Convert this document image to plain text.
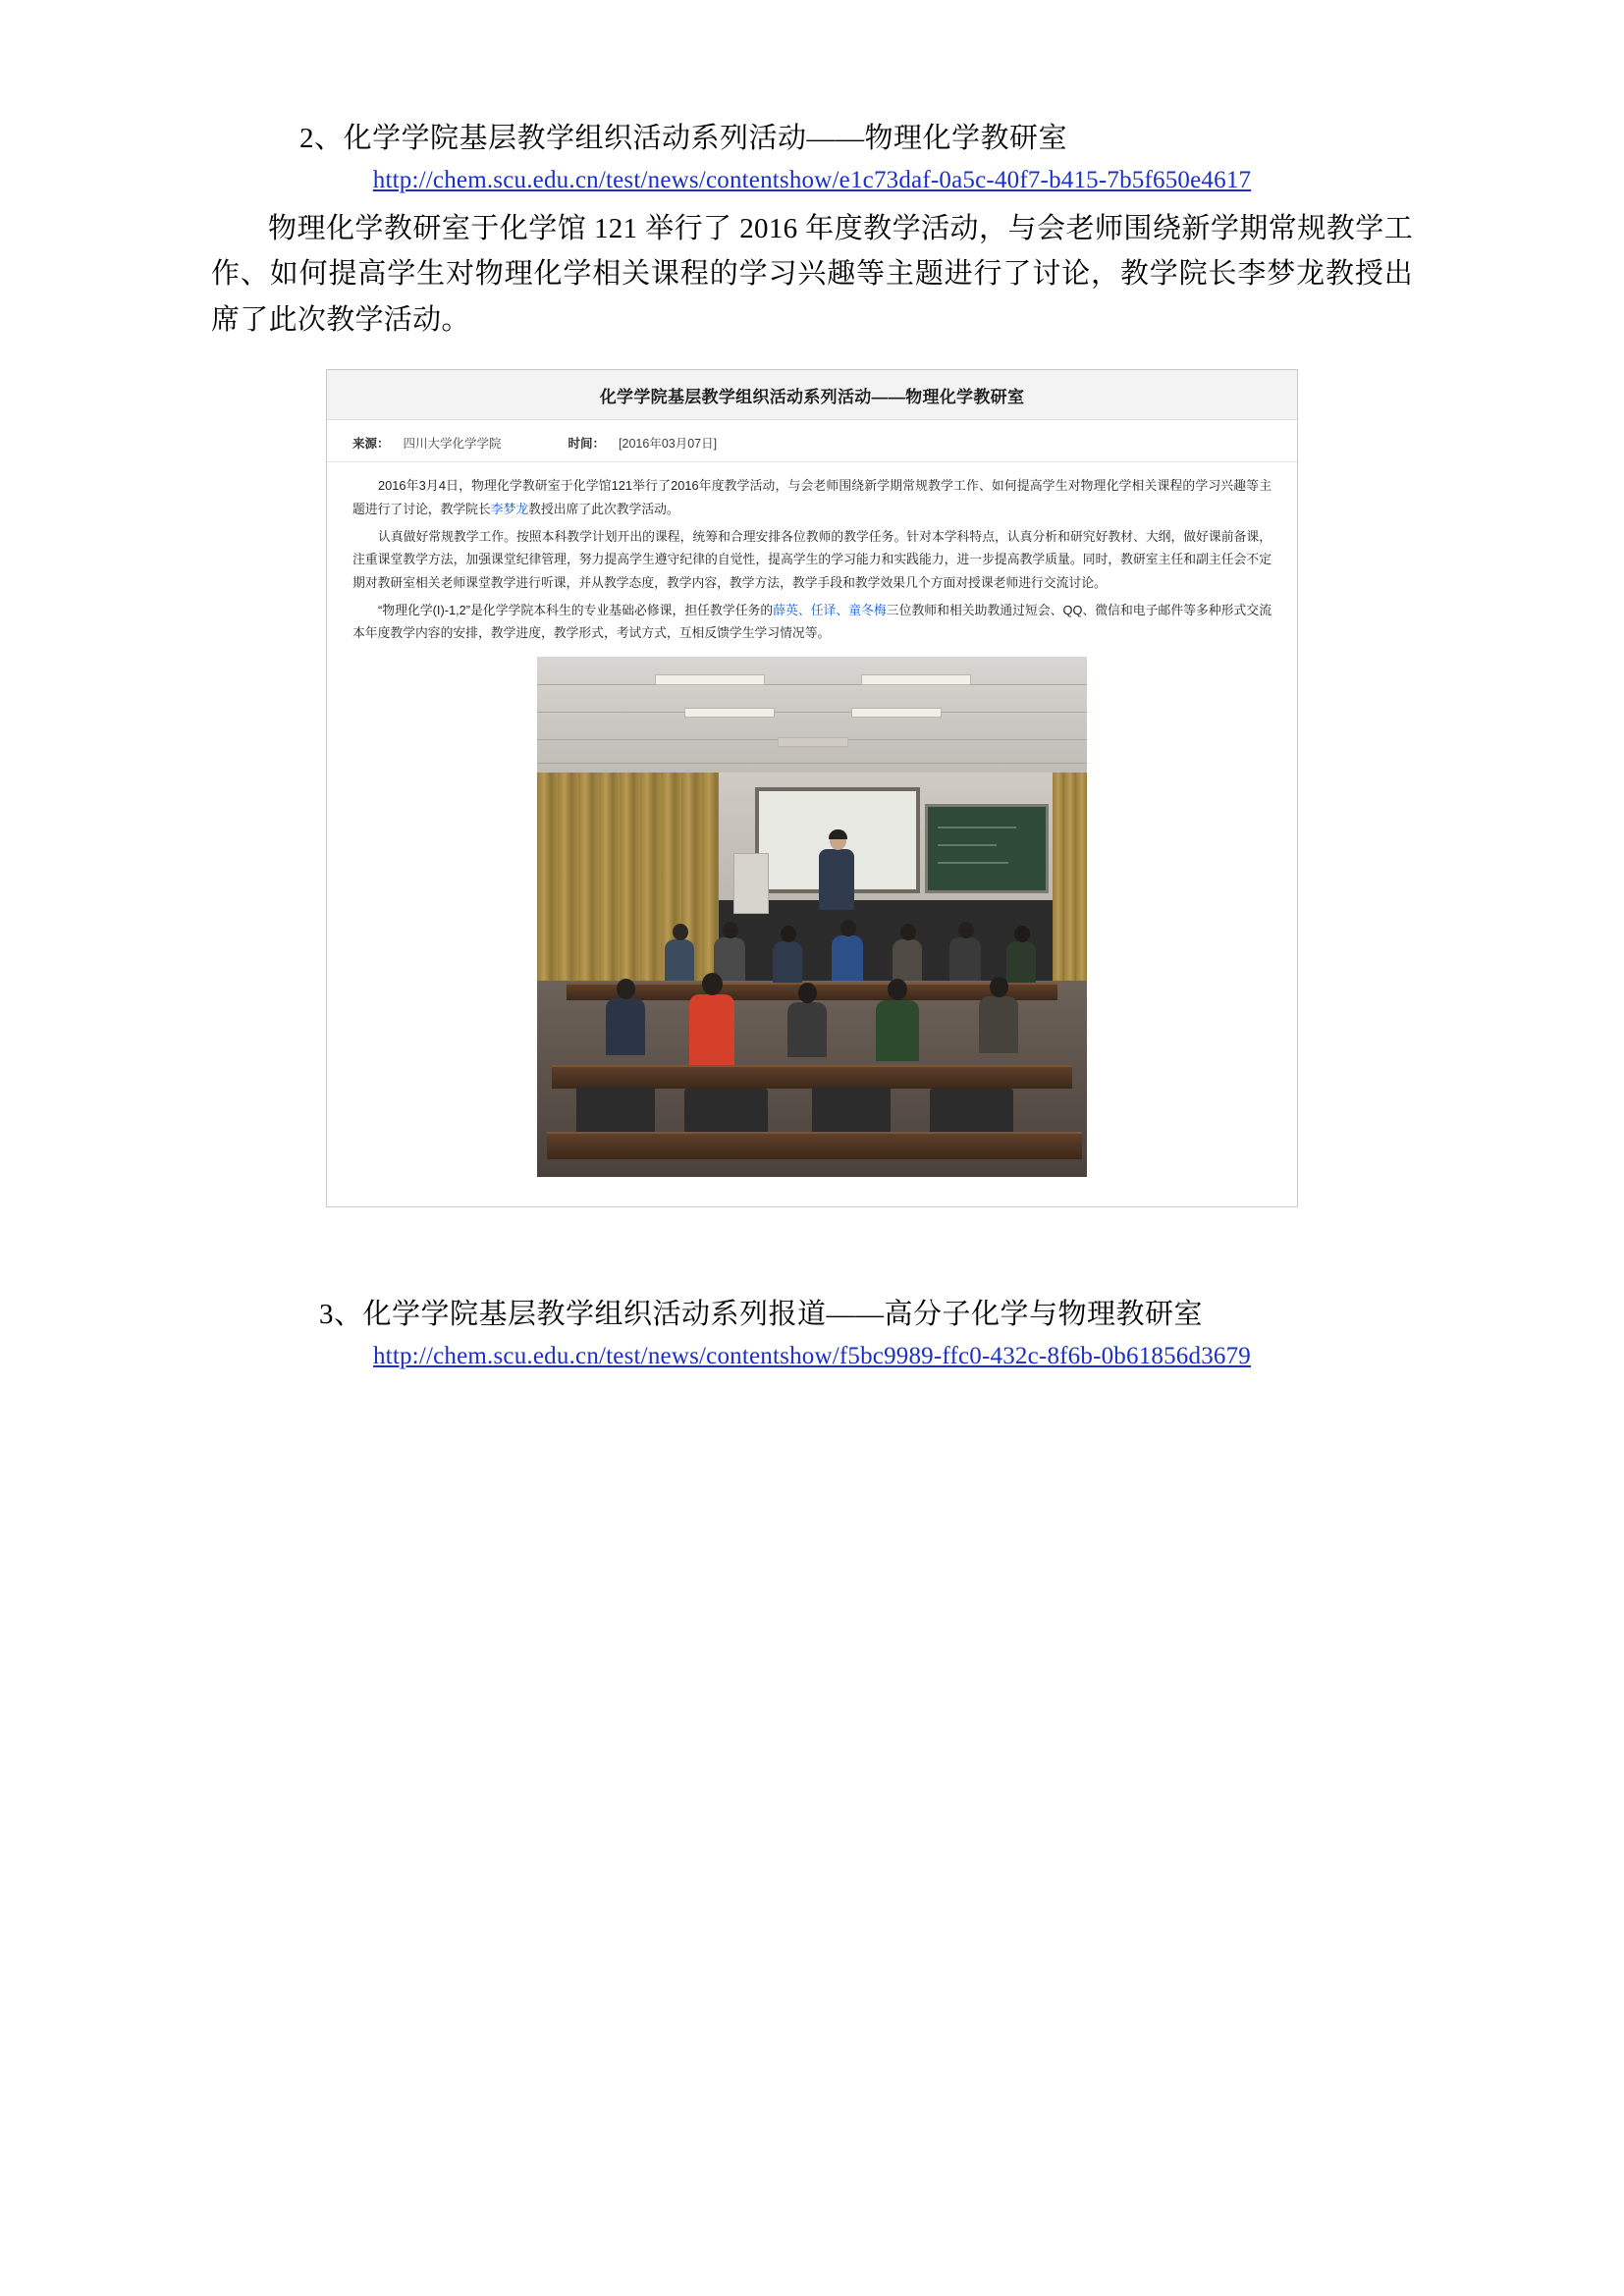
2、化学学院基层教学组织活动系列活动——物理化学教研室
http://chem.scu.edu.cn/test/news/contentshow/e1c73daf-0a5c-40f7-b415-7b5f650e4617

物理化学教研室于化学馆 121 举行了 2016 年度教学活动，与会老师围绕新学期常规教学工作、如何提高学生对物理化学相关课程的学习兴趣等主题进行了讨论，教学院长李梦龙教授出席了此次教学活动。

化学学院基层教学组织活动系列活动——物理化学教研室
来源： 四川大学化学学院	时间： [2016年03月07日]

2016年3月4日，物理化学教研室于化学馆121举行了2016年度教学活动，与会老师围绕新学期常规教学工作、如何提高学生对物理化学相关课程的学习兴趣等主题进行了讨论，教学院长李梦龙教授出席了此次教学活动。

认真做好常规教学工作。按照本科教学计划开出的课程，统筹和合理安排各位教师的教学任务。针对本学科特点，认真分析和研究好教材、大纲，做好课前备课，注重课堂教学方法，加强课堂纪律管理，努力提高学生遵守纪律的自觉性，提高学生的学习能力和实践能力，进一步提高教学质量。同时，教研室主任和副主任会不定期对教研室相关老师课堂教学进行听课，并从教学态度，教学内容，教学方法，教学手段和教学效果几个方面对授课老师进行交流讨论。

“物理化学(I)-1,2”是化学学院本科生的专业基础必修课，担任教学任务的薛英、任译、童冬梅三位教师和相关助教通过短会、QQ、微信和电子邮件等多种形式交流本年度教学内容的安排，教学进度，教学形式，考试方式，互相反馈学生学习情况等。

3、化学学院基层教学组织活动系列报道——高分子化学与物理教研室
http://chem.scu.edu.cn/test/news/contentshow/f5bc9989-ffc0-432c-8f6b-0b61856d3679
